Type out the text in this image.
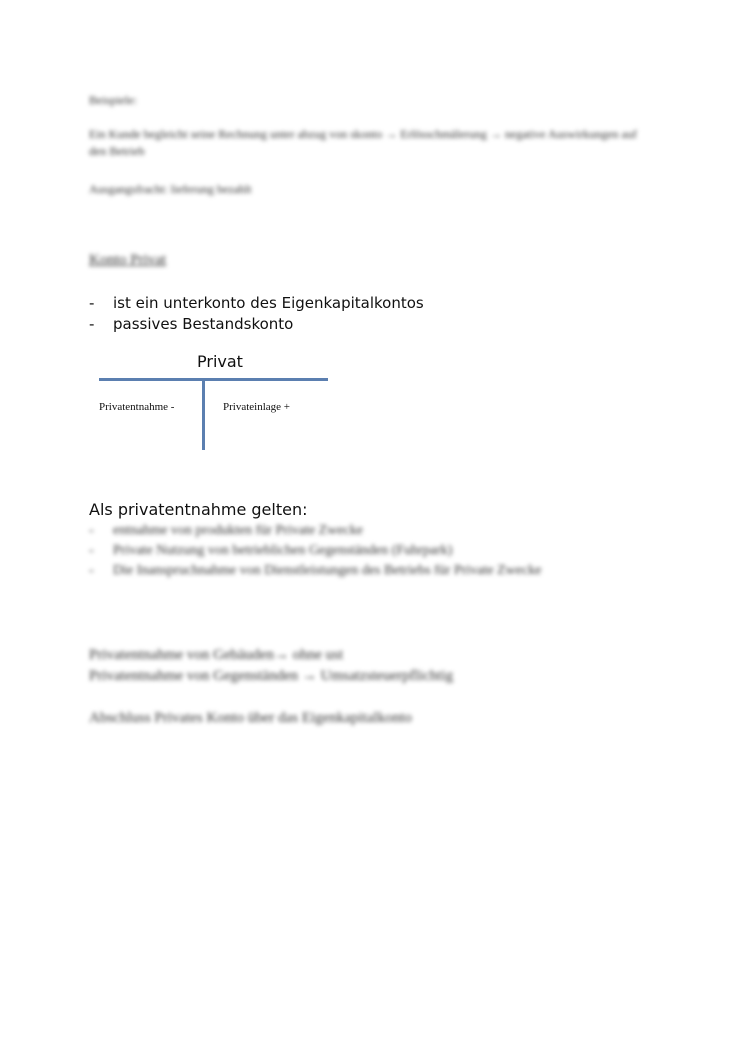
Beispiele:
Ein Kunde begleicht seine Rechnung unter abzug von skonto → Erlösschmälerung → negative Auswirkungen auf den Betrieb
Ausgangsfracht: lieferung bezahlt
Konto Privat
- ist ein unterkonto des Eigenkapitalkontos
- passives Bestandskonto
Privat
Privatentnahme -	Privateinlage +
Als privatentnahme gelten:
- entnahme von produkten für Private Zwecke
- Private Nutzung von betrieblichen Gegenständen (Fuhrpark)
- Die Inanspruchnahme von Dienstleistungen des Betriebs für Private Zwecke
Privatentnahme von Gebäuden→ ohne ust
Privatentnahme von Gegenständen → Umsatzsteuerpflichtig
Abschluss Privates Konto über das Eigenkapitalkonto
